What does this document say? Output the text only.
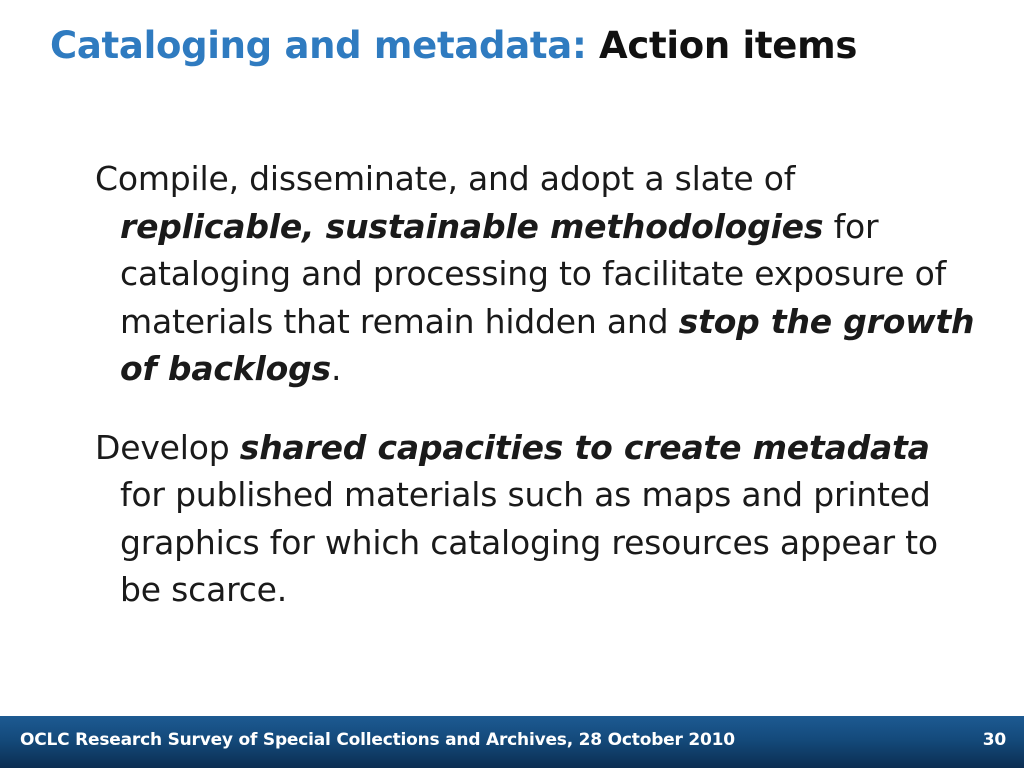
Cataloging and metadata: Action items

Compile, disseminate, and adopt a slate of replicable, sustainable methodologies for cataloging and processing to facilitate exposure of materials that remain hidden and stop the growth of backlogs.

Develop shared capacities to create metadata for published materials such as maps and printed graphics for which cataloging resources appear to be scarce.

OCLC Research Survey of Special Collections and Archives, 28 October 2010	30
